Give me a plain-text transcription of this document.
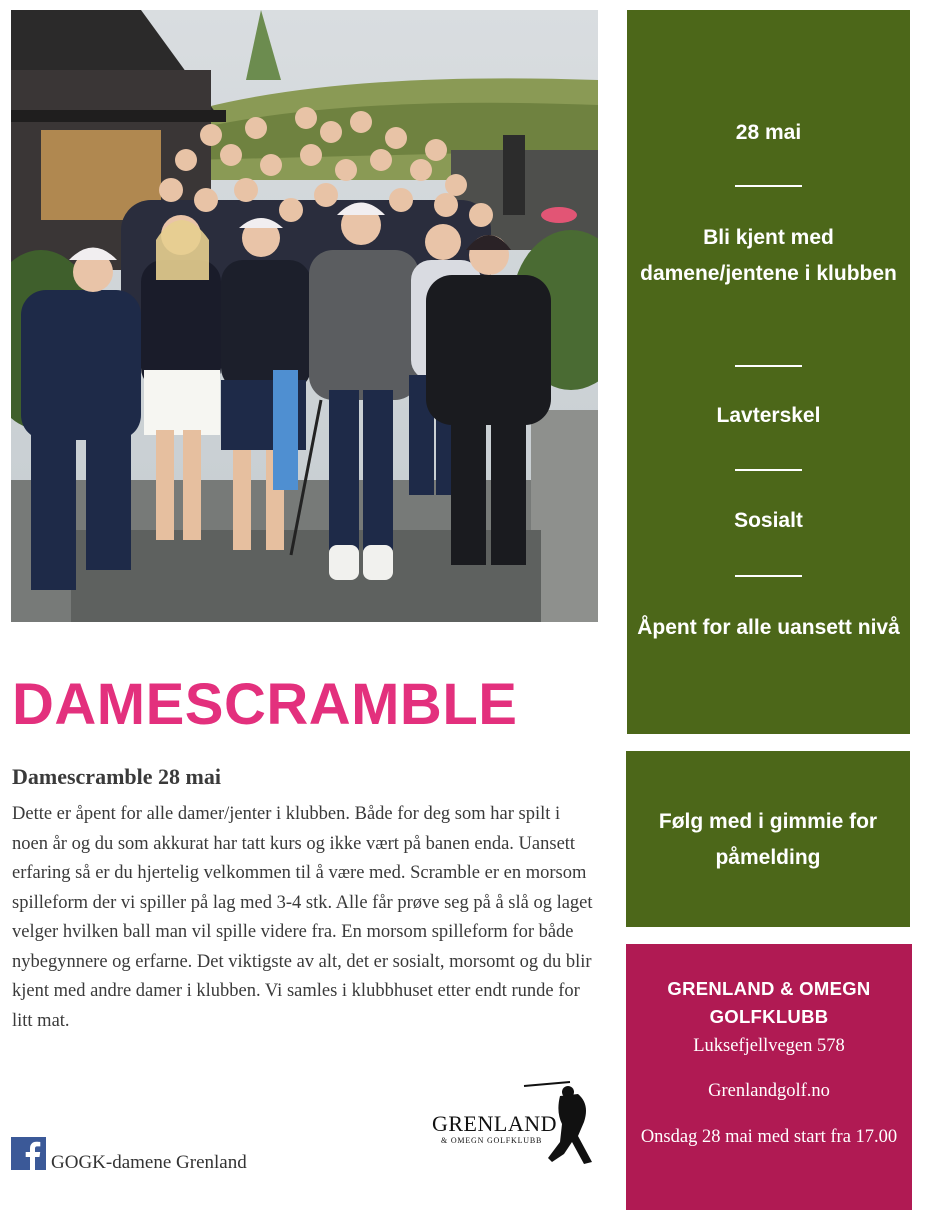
DAMESCRAMBLE
Damescramble 28 mai

Dette er åpent for alle damer/jenter i klubben. Både for deg som har spilt i noen år og du som akkurat har tatt kurs og ikke vært på banen enda. Uansett erfaring så er du hjertelig velkommen til å være med. Scramble er en morsom spilleform der vi spiller på lag med 3-4 stk. Alle får prøve seg på å slå og laget velger hvilken ball man vil spille videre fra. En morsom spilleform for både nybegynnere og erfarne. Det viktigste av alt, det er sosialt, morsomt og du blir kjent med andre damer i klubben. Vi samles i klubbhuset etter endt runde for litt mat.

GOGK-damene Grenland
GRENLAND
& OMEGN GOLFKLUBB
28 mai
Bli kjent med damene/jentene i klubben
Lavterskel
Sosialt
Åpent for alle uansett nivå
Følg med i gimmie for påmelding
GRENLAND & OMEGN GOLFKLUBB
Luksefjellvegen 578
Grenlandgolf.no
Onsdag 28 mai med start fra 17.00
